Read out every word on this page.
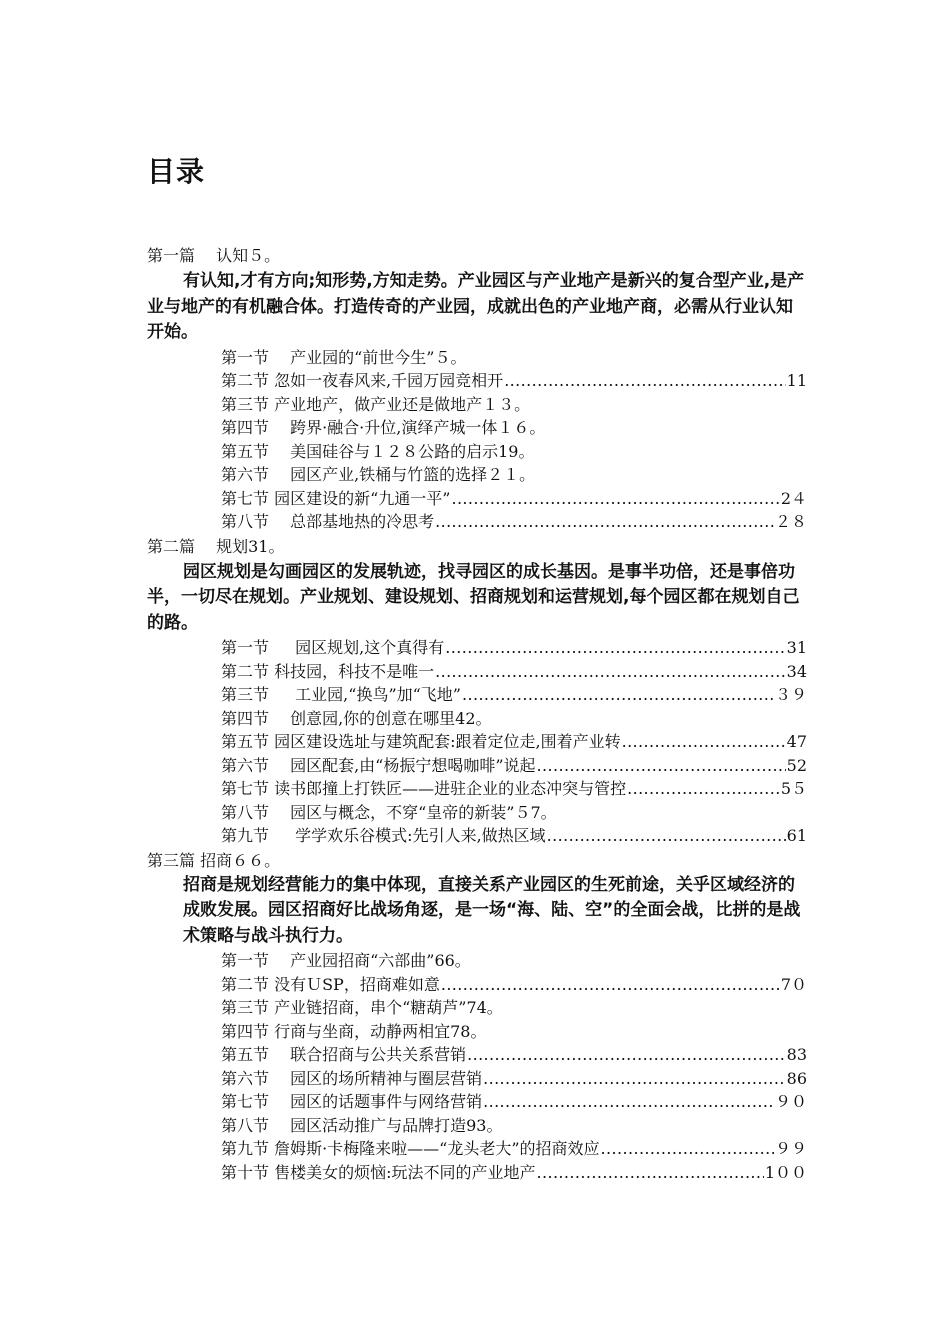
目录
第一篇　 认知５。
有认知,才有方向;知形势,方知走势。产业园区与产业地产是新兴的复合型产业,是产业与地产的有机融合体。打造传奇的产业园，成就出色的产业地产商，必需从行业认知开始。
第一节 　产业园的“前世今生”５。
第二节 忽如一夜春风来,千园万园竞相开 .....	11
第三节 产业地产，做产业还是做地产１３。
第四节 　跨界·融合·升位,演绎产城一体１６。
第五节 　美国硅谷与１２８公路的启示19。
第六节 　园区产业,铁桶与竹篮的选择２１。
第七节 园区建设的新“九通一平” .....	2４
第八节 　总部基地热的冷思考 .....	２８
第二篇　 规划31。
园区规划是勾画园区的发展轨迹，找寻园区的成长基因。是事半功倍，还是事倍功半，一切尽在规划。产业规划、建设规划、招商规划和运营规划,每个园区都在规划自己的路。
第一节 　 园区规划,这个真得有 .....	31
第二节 科技园，科技不是唯一 .....	34
第三节 　 工业园,“换鸟”加“飞地” .....	３９
第四节 　创意园,你的创意在哪里42。
第五节 园区建设选址与建筑配套:跟着定位走,围着产业转 .....	47
第六节 　园区配套,由“杨振宁想喝咖啡”说起 .....	52
第七节 读书郎撞上打铁匠——进驻企业的业态冲突与管控 .....	5５
第八节 　园区与概念，不穿“皇帝的新装”５7。
第九节 　 学学欢乐谷模式:先引人来,做热区域 .....	61
第三篇 招商６６。
招商是规划经营能力的集中体现，直接关系产业园区的生死前途，关乎区域经济的成败发展。园区招商好比战场角逐，是一场“海、陆、空”的全面会战，比拼的是战术策略与战斗执行力。
第一节 　产业园招商“六部曲”66。
第二节 没有ＵSP，招商难如意 .....	7０
第三节 产业链招商，串个“糖葫芦”74。
第四节 行商与坐商，动静两相宜78。
第五节 　联合招商与公共关系营销 .....	83
第六节 　园区的场所精神与圈层营销 .....	86
第七节 　园区的话题事件与网络营销 .....	９０
第八节 　园区活动推广与品牌打造93。
第九节 詹姆斯·卡梅隆来啦——“龙头老大”的招商效应 .....	９９
第十节 售楼美女的烦恼:玩法不同的产业地产 .....	1００
